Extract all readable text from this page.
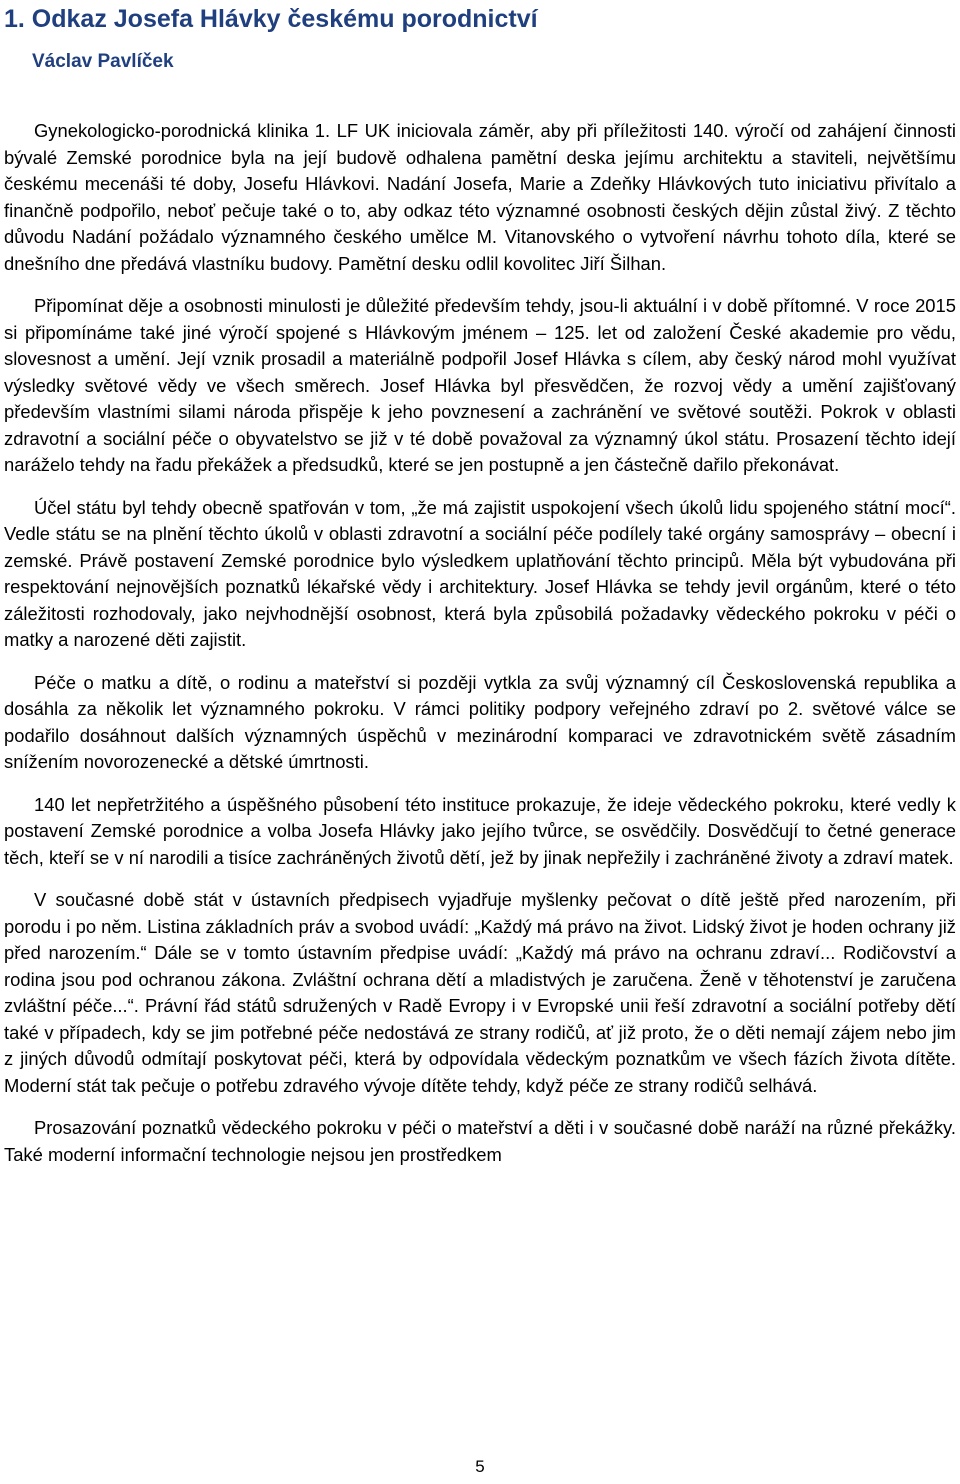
1. Odkaz Josefa Hlávky českému porodnictví
Václav Pavlíček

Gynekologicko-porodnická klinika 1. LF UK iniciovala záměr, aby při příležitosti 140. výročí od zahájení činnosti bývalé Zemské porodnice byla na její budově odhalena pamětní deska jejímu architektu a staviteli, největšímu českému mecenáši té doby, Josefu Hlávkovi. Nadání Josefa, Marie a Zdeňky Hlávkových tuto iniciativu přivítalo a finančně podpořilo, neboť pečuje také o to, aby odkaz této významné osobnosti českých dějin zůstal živý. Z těchto důvodu Nadání požádalo významného českého umělce M. Vitanovského o vytvoření návrhu tohoto díla, které se dnešního dne předává vlastníku budovy. Pamětní desku odlil kovolitec Jiří Šilhan.

Připomínat děje a osobnosti minulosti je důležité především tehdy, jsou-li aktuální i v době přítomné. V roce 2015 si připomínáme také jiné výročí spojené s Hlávkovým jménem – 125. let od založení České akademie pro vědu, slovesnost a umění. Její vznik prosadil a materiálně podpořil Josef Hlávka s cílem, aby český národ mohl využívat výsledky světové vědy ve všech směrech. Josef Hlávka byl přesvědčen, že rozvoj vědy a umění zajišťovaný především vlastními silami národa přispěje k jeho povznesení a zachránění ve světové soutěži. Pokrok v oblasti zdravotní a sociální péče o obyvatelstvo se již v té době považoval za významný úkol státu. Prosazení těchto idejí naráželo tehdy na řadu překážek a předsudků, které se jen postupně a jen částečně dařilo překonávat.

Účel státu byl tehdy obecně spatřován v tom, „že má zajistit uspokojení všech úkolů lidu spojeného státní mocí“. Vedle státu se na plnění těchto úkolů v oblasti zdravotní a sociální péče podílely také orgány samosprávy – obecní i zemské. Právě postavení Zemské porodnice bylo výsledkem uplatňování těchto principů. Měla být vybudována při respektování nejnovějších poznatků lékařské vědy i architektury. Josef Hlávka se tehdy jevil orgánům, které o této záležitosti rozhodovaly, jako nejvhodnější osobnost, která byla způsobilá požadavky vědeckého pokroku v péči o matky a narozené děti zajistit.

Péče o matku a dítě, o rodinu a mateřství si později vytkla za svůj významný cíl Československá republika a dosáhla za několik let významného pokroku. V rámci politiky podpory veřejného zdraví po 2. světové válce se podařilo dosáhnout dalších významných úspěchů v mezinárodní komparaci ve zdravotnickém světě zásadním snížením novorozenecké a dětské úmrtnosti.

140 let nepřetržitého a úspěšného působení této instituce prokazuje, že ideje vědeckého pokroku, které vedly k postavení Zemské porodnice a volba Josefa Hlávky jako jejího tvůrce, se osvědčily. Dosvědčují to četné generace těch, kteří se v ní narodili a tisíce zachráněných životů dětí, jež by jinak nepřežily i zachráněné životy a zdraví matek.

V současné době stát v ústavních předpisech vyjadřuje myšlenky pečovat o dítě ještě před narozením, při porodu i po něm. Listina základních práv a svobod uvádí: „Každý má právo na život. Lidský život je hoden ochrany již před narozením.“ Dále se v tomto ústavním předpise uvádí: „Každý má právo na ochranu zdraví... Rodičovství a rodina jsou pod ochranou zákona. Zvláštní ochrana dětí a mladistvých je zaručena. Ženě v těhotenství je zaručena zvláštní péče...“. Právní řád států sdružených v Radě Evropy i v Evropské unii řeší zdravotní a sociální potřeby dětí také v případech, kdy se jim potřebné péče nedostává ze strany rodičů, ať již proto, že o děti nemají zájem nebo jim z jiných důvodů odmítají poskytovat péči, která by odpovídala vědeckým poznatkům ve všech fázích života dítěte. Moderní stát tak pečuje o potřebu zdravého vývoje dítěte tehdy, když péče ze strany rodičů selhává.

Prosazování poznatků vědeckého pokroku v péči o mateřství a děti i v současné době naráží na různé překážky. Také moderní informační technologie nejsou jen prostředkem

5
